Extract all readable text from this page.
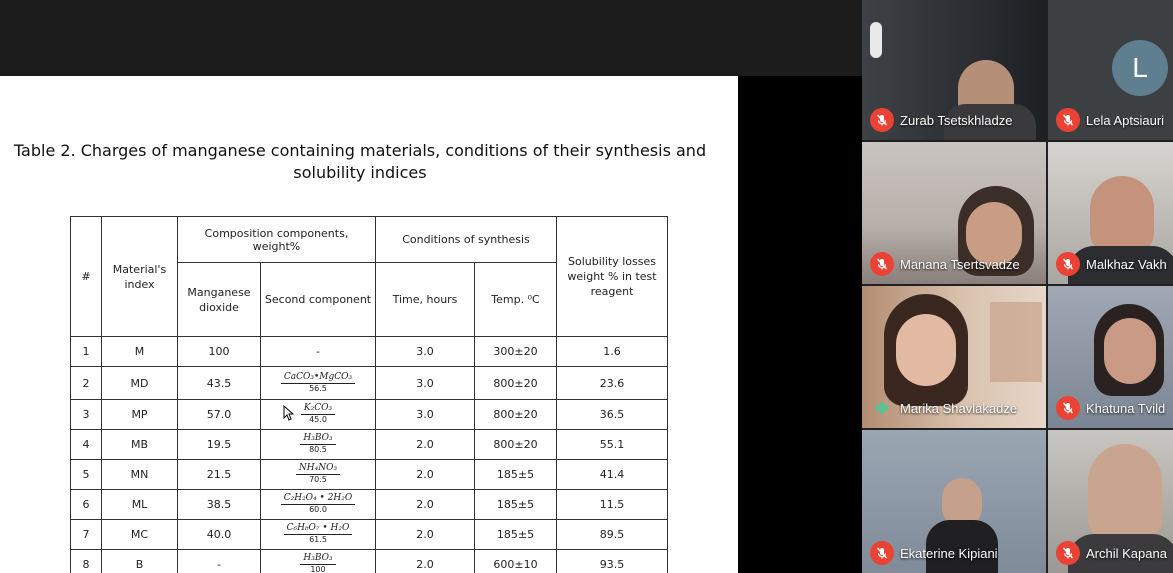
Table 2. Charges of manganese containing materials, conditions of their synthesis and solubility indices
#	Material's index	Composition components, weight%		Conditions of synthesis		Solubility losses weight % in test reagent
		Manganese dioxide	Second component	Time, hours	Temp. ⁰C	
1	M	100	-	3.0	300±20	1.6
2	MD	43.5	$\frac{\text{CaCO₃•MgCO₃}}{56.5}$	3.0	800±20	23.6
3	MP	57.0	$\frac{\text{K₂CO₃}}{45.0}$	3.0	800±20	36.5
4	MB	19.5	$\frac{\text{H₃BO₃}}{80.5}$	2.0	800±20	55.1
5	MN	21.5	$\frac{\text{NH₄NO₃}}{70.5}$	2.0	185±5	41.4
6	ML	38.5	$\frac{\text{C₂H₂O₄ • 2H₂O}}{60.0}$	2.0	185±5	11.5
7	MC	40.0	$\frac{\text{C₆H₈O₇ • H₂O}}{61.5}$	2.0	185±5	89.5
8	B	-	$\frac{\text{H₃BO₃}}{100}$	2.0	600±10	93.5
Zurab Tsetskhladze
L
Lela Aptsiauri
Manana Tsertsvadze	Malkhaz Vakh
Marika Shavlakadze	Khatuna Tvild
Ekaterine Kipiani	Archil Kapana
